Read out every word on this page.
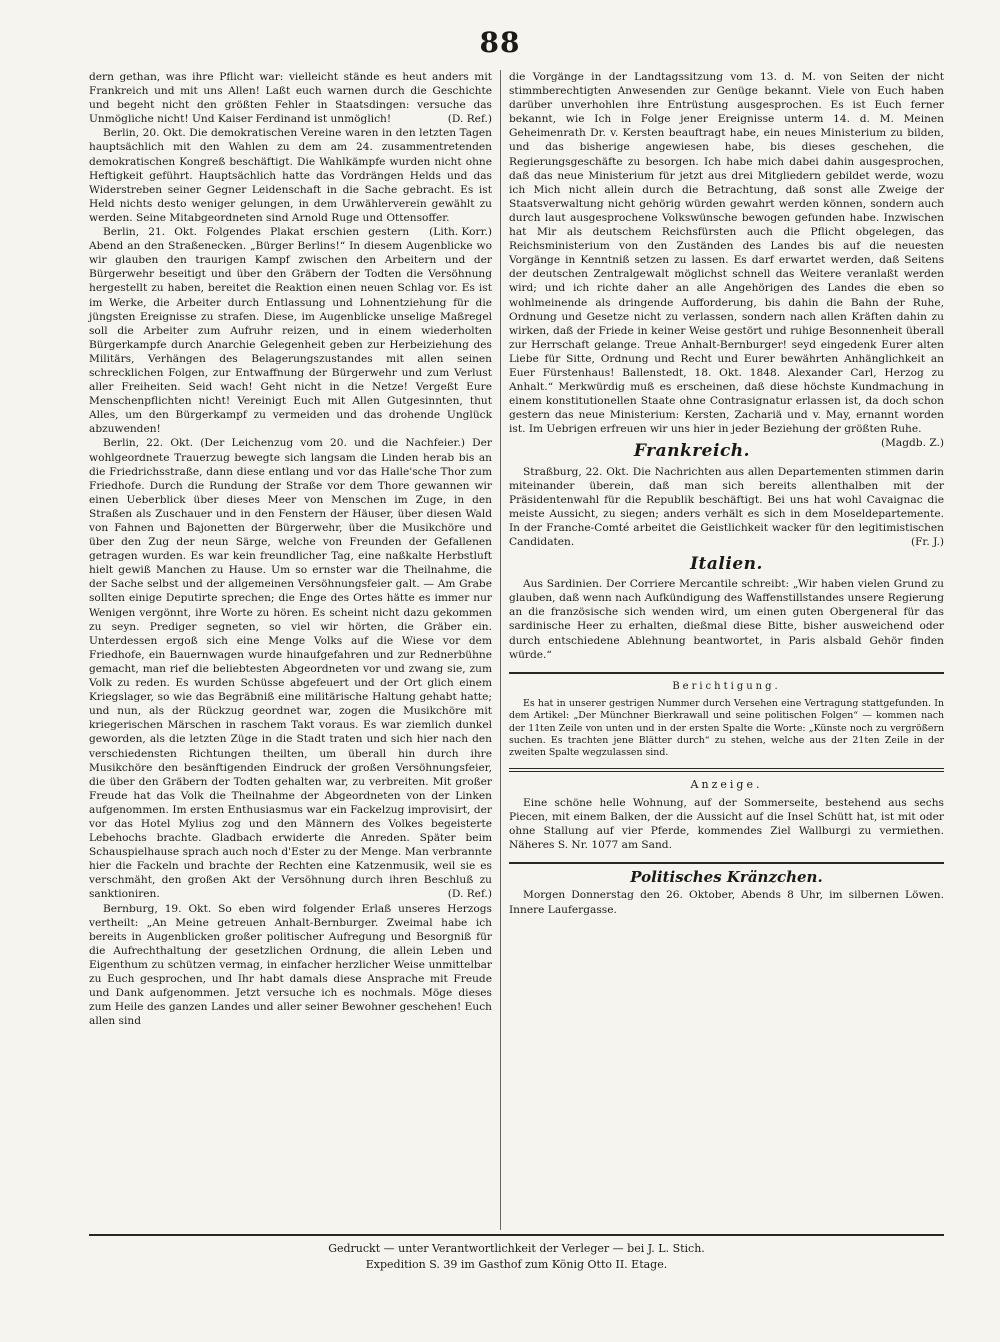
88

dern gethan, was ihre Pflicht war: vielleicht stände es heut anders mit Frankreich und mit uns Allen! Laßt euch warnen durch die Geschichte und begeht nicht den größten Fehler in Staatsdingen: versuche das Unmögliche nicht! Und Kaiser Ferdinand ist unmöglich!	(D. Ref.)

Berlin, 20. Okt. Die demokratischen Vereine waren in den letzten Tagen hauptsächlich mit den Wahlen zu dem am 24. zusammentretenden demokratischen Kongreß beschäftigt. Die Wahlkämpfe wurden nicht ohne Heftigkeit geführt. Hauptsächlich hatte das Vordrängen Helds und das Widerstreben seiner Gegner Leidenschaft in die Sache gebracht. Es ist Held nichts desto weniger gelungen, in dem Urwählerverein gewählt zu werden. Seine Mitabgeordneten sind Arnold Ruge und Ottensoffer.
(Lith. Korr.)

Berlin, 21. Okt. Folgendes Plakat erschien gestern Abend an den Straßenecken. „Bürger Berlins!“ In diesem Augenblicke wo wir glauben den traurigen Kampf zwischen den Arbeitern und der Bürgerwehr beseitigt und über den Gräbern der Todten die Versöhnung hergestellt zu haben, bereitet die Reaktion einen neuen Schlag vor. Es ist im Werke, die Arbeiter durch Entlassung und Lohnentziehung für die jüngsten Ereignisse zu strafen. Diese, im Augenblicke unselige Maßregel soll die Arbeiter zum Aufruhr reizen, und in einem wiederholten Bürgerkampfe durch Anarchie Gelegenheit geben zur Herbeiziehung des Militärs, Verhängen des Belagerungszustandes mit allen seinen schrecklichen Folgen, zur Entwaffnung der Bürgerwehr und zum Verlust aller Freiheiten. Seid wach! Geht nicht in die Netze! Vergeßt Eure Menschenpflichten nicht! Vereinigt Euch mit Allen Gutgesinnten, thut Alles, um den Bürgerkampf zu vermeiden und das drohende Unglück abzuwenden!

Berlin, 22. Okt. (Der Leichenzug vom 20. und die Nachfeier.) Der wohlgeordnete Trauerzug bewegte sich langsam die Linden herab bis an die Friedrichsstraße, dann diese entlang und vor das Halle'sche Thor zum Friedhofe. Durch die Rundung der Straße vor dem Thore gewannen wir einen Ueberblick über dieses Meer von Menschen im Zuge, in den Straßen als Zuschauer und in den Fenstern der Häuser, über diesen Wald von Fahnen und Bajonetten der Bürgerwehr, über die Musikchöre und über den Zug der neun Särge, welche von Freunden der Gefallenen getragen wurden. Es war kein freundlicher Tag, eine naßkalte Herbstluft hielt gewiß Manchen zu Hause. Um so ernster war die Theilnahme, die der Sache selbst und der allgemeinen Versöhnungsfeier galt. — Am Grabe sollten einige Deputirte sprechen; die Enge des Ortes hätte es immer nur Wenigen vergönnt, ihre Worte zu hören. Es scheint nicht dazu gekommen zu seyn. Prediger segneten, so viel wir hörten, die Gräber ein. Unterdessen ergoß sich eine Menge Volks auf die Wiese vor dem Friedhofe, ein Bauernwagen wurde hinaufgefahren und zur Rednerbühne gemacht, man rief die beliebtesten Abgeordneten vor und zwang sie, zum Volk zu reden. Es wurden Schüsse abgefeuert und der Ort glich einem Kriegslager, so wie das Begräbniß eine militärische Haltung gehabt hatte; und nun, als der Rückzug geordnet war, zogen die Musikchöre mit kriegerischen Märschen in raschem Takt voraus. Es war ziemlich dunkel geworden, als die letzten Züge in die Stadt traten und sich hier nach den verschiedensten Richtungen theilten, um überall hin durch ihre Musikchöre den besänftigenden Eindruck der großen Versöhnungsfeier, die über den Gräbern der Todten gehalten war, zu verbreiten. Mit großer Freude hat das Volk die Theilnahme der Abgeordneten von der Linken aufgenommen. Im ersten Enthusiasmus war ein Fackelzug improvisirt, der vor das Hotel Mylius zog und den Männern des Volkes begeisterte Lebehochs brachte. Gladbach erwiderte die Anreden. Später beim Schauspielhause sprach auch noch d'Ester zu der Menge. Man verbrannte hier die Fackeln und brachte der Rechten eine Katzenmusik, weil sie es verschmäht, den großen Akt der Versöhnung durch ihren Beschluß zu sanktioniren.	(D. Ref.)

Bernburg, 19. Okt. So eben wird folgender Erlaß unseres Herzogs vertheilt: „An Meine getreuen Anhalt-Bernburger. Zweimal habe ich bereits in Augenblicken großer politischer Aufregung und Besorgniß für die Aufrechthaltung der gesetzlichen Ordnung, die allein Leben und Eigenthum zu schützen vermag, in einfacher herzlicher Weise unmittelbar zu Euch gesprochen, und Ihr habt damals diese Ansprache mit Freude und Dank aufgenommen. Jetzt versuche ich es nochmals. Möge dieses zum Heile des ganzen Landes und aller seiner Bewohner geschehen! Euch allen sind

die Vorgänge in der Landtagssitzung vom 13. d. M. von Seiten der nicht stimmberechtigten Anwesenden zur Genüge bekannt. Viele von Euch haben darüber unverhohlen ihre Entrüstung ausgesprochen. Es ist Euch ferner bekannt, wie Ich in Folge jener Ereignisse unterm 14. d. M. Meinen Geheimenrath Dr. v. Kersten beauftragt habe, ein neues Ministerium zu bilden, und das bisherige angewiesen habe, bis dieses geschehen, die Regierungsgeschäfte zu besorgen. Ich habe mich dabei dahin ausgesprochen, daß das neue Ministerium für jetzt aus drei Mitgliedern gebildet werde, wozu ich Mich nicht allein durch die Betrachtung, daß sonst alle Zweige der Staatsverwaltung nicht gehörig würden gewahrt werden können, sondern auch durch laut ausgesprochene Volkswünsche bewogen gefunden habe. Inzwischen hat Mir als deutschem Reichsfürsten auch die Pflicht obgelegen, das Reichsministerium von den Zuständen des Landes bis auf die neuesten Vorgänge in Kenntniß setzen zu lassen. Es darf erwartet werden, daß Seitens der deutschen Zentralgewalt möglichst schnell das Weitere veranlaßt werden wird; und ich richte daher an alle Angehörigen des Landes die eben so wohlmeinende als dringende Aufforderung, bis dahin die Bahn der Ruhe, Ordnung und Gesetze nicht zu verlassen, sondern nach allen Kräften dahin zu wirken, daß der Friede in keiner Weise gestört und ruhige Besonnenheit überall zur Herrschaft gelange. Treue Anhalt-Bernburger! seyd eingedenk Eurer alten Liebe für Sitte, Ordnung und Recht und Eurer bewährten Anhänglichkeit an Euer Fürstenhaus! Ballenstedt, 18. Okt. 1848. Alexander Carl, Herzog zu Anhalt.“ Merkwürdig muß es erscheinen, daß diese höchste Kundmachung in einem konstitutionellen Staate ohne Contrasignatur erlassen ist, da doch schon gestern das neue Ministerium: Kersten, Zachariä und v. May, ernannt worden ist. Im Uebrigen erfreuen wir uns hier in jeder Beziehung der größten Ruhe.
(Magdb. Z.)

Frankreich.

Straßburg, 22. Okt. Die Nachrichten aus allen Departementen stimmen darin miteinander überein, daß man sich bereits allenthalben mit der Präsidentenwahl für die Republik beschäftigt. Bei uns hat wohl Cavaignac die meiste Aussicht, zu siegen; anders verhält es sich in dem Moseldepartemente. In der Franche-Comté arbeitet die Geistlichkeit wacker für den legitimistischen Candidaten.	(Fr. J.)

Italien.

Aus Sardinien. Der Corriere Mercantile schreibt: „Wir haben vielen Grund zu glauben, daß wenn nach Aufkündigung des Waffenstillstandes unsere Regierung an die französische sich wenden wird, um einen guten Obergeneral für das sardinische Heer zu erhalten, dießmal diese Bitte, bisher ausweichend oder durch entschiedene Ablehnung beantwortet, in Paris alsbald Gehör finden würde.“

Berichtigung.

Es hat in unserer gestrigen Nummer durch Versehen eine Vertragung stattgefunden. In dem Artikel: „Der Münchner Bierkrawall und seine politischen Folgen“ — kommen nach der 11ten Zeile von unten und in der ersten Spalte die Worte: „Künste noch zu vergrößern suchen. Es trachten jene Blätter durch“ zu stehen, welche aus der 21ten Zeile in der zweiten Spalte wegzulassen sind.

Anzeige.

Eine schöne helle Wohnung, auf der Sommerseite, bestehend aus sechs Piecen, mit einem Balken, der die Aussicht auf die Insel Schütt hat, ist mit oder ohne Stallung auf vier Pferde, kommendes Ziel Wallburgi zu vermiethen. Näheres S. Nr. 1077 am Sand.

Politisches Kränzchen.

Morgen Donnerstag den 26. Oktober, Abends 8 Uhr, im silbernen Löwen. Innere Laufergasse.

Gedruckt — unter Verantwortlichkeit der Verleger — bei J. L. Stich.
Expedition S. 39 im Gasthof zum König Otto II. Etage.
